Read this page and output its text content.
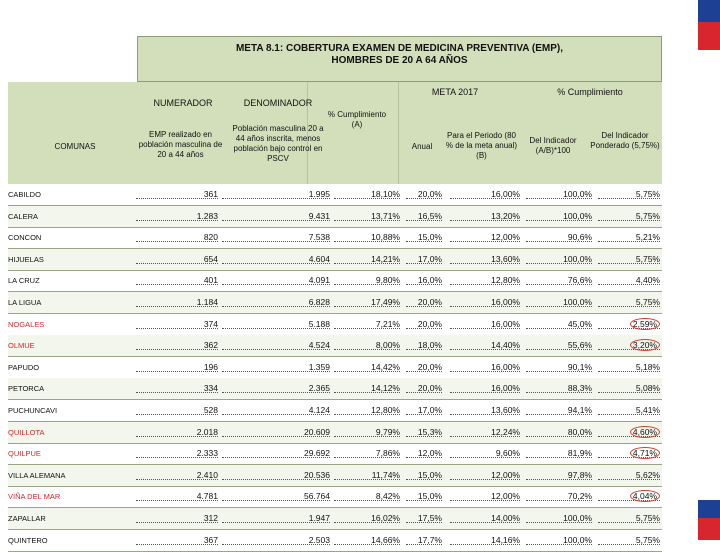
META 8.1: COBERTURA EXAMEN DE MEDICINA PREVENTIVA (EMP),
HOMBRES DE 20 A 64 AÑOS
NUMERADOR	DENOMINADOR
META 2017	% Cumplimiento
COMUNAS
EMP realizado en población masculina de 20 a 44 años
Población masculina 20 a 44 años inscrita, menos población bajo control en PSCV
% Cumplimiento (A)
Anual
Para el Periodo (80 % de la meta anual) (B)
Del Indicador (A/B)*100
Del Indicador Ponderado (5,75%)
CABILDO	361	1.995	18,10%	20,0%	16,00%	100,0%	5,75%
CALERA	1.283	9.431	13,71%	16,5%	13,20%	100,0%	5,75%
CONCON	820	7.538	10,88%	15,0%	12,00%	90,6%	5,21%
HIJUELAS	654	4.604	14,21%	17,0%	13,60%	100,0%	5,75%
LA CRUZ	401	4.091	9,80%	16,0%	12,80%	76,6%	4,40%
LA LIGUA	1.184	6.828	17,49%	20,0%	16,00%	100,0%	5,75%
NOGALES	374	5.188	7,21%	20,0%	16,00%	45,0%	2,59%
OLMUE	362	4.524	8,00%	18,0%	14,40%	55,6%	3,20%
PAPUDO	196	1.359	14,42%	20,0%	16,00%	90,1%	5,18%
PETORCA	334	2.365	14,12%	20,0%	16,00%	88,3%	5,08%
PUCHUNCAVI	528	4.124	12,80%	17,0%	13,60%	94,1%	5,41%
QUILLOTA	2.018	20.609	9,79%	15,3%	12,24%	80,0%	4,60%
QUILPUE	2.333	29.692	7,86%	12,0%	9,60%	81,9%	4,71%
VILLA ALEMANA	2.410	20.536	11,74%	15,0%	12,00%	97,8%	5,62%
VIÑA DEL MAR	4.781	56.764	8,42%	15,0%	12,00%	70,2%	4,04%
ZAPALLAR	312	1.947	16,02%	17,5%	14,00%	100,0%	5,75%
QUINTERO	367	2.503	14,66%	17,7%	14,16%	100,0%	5,75%
